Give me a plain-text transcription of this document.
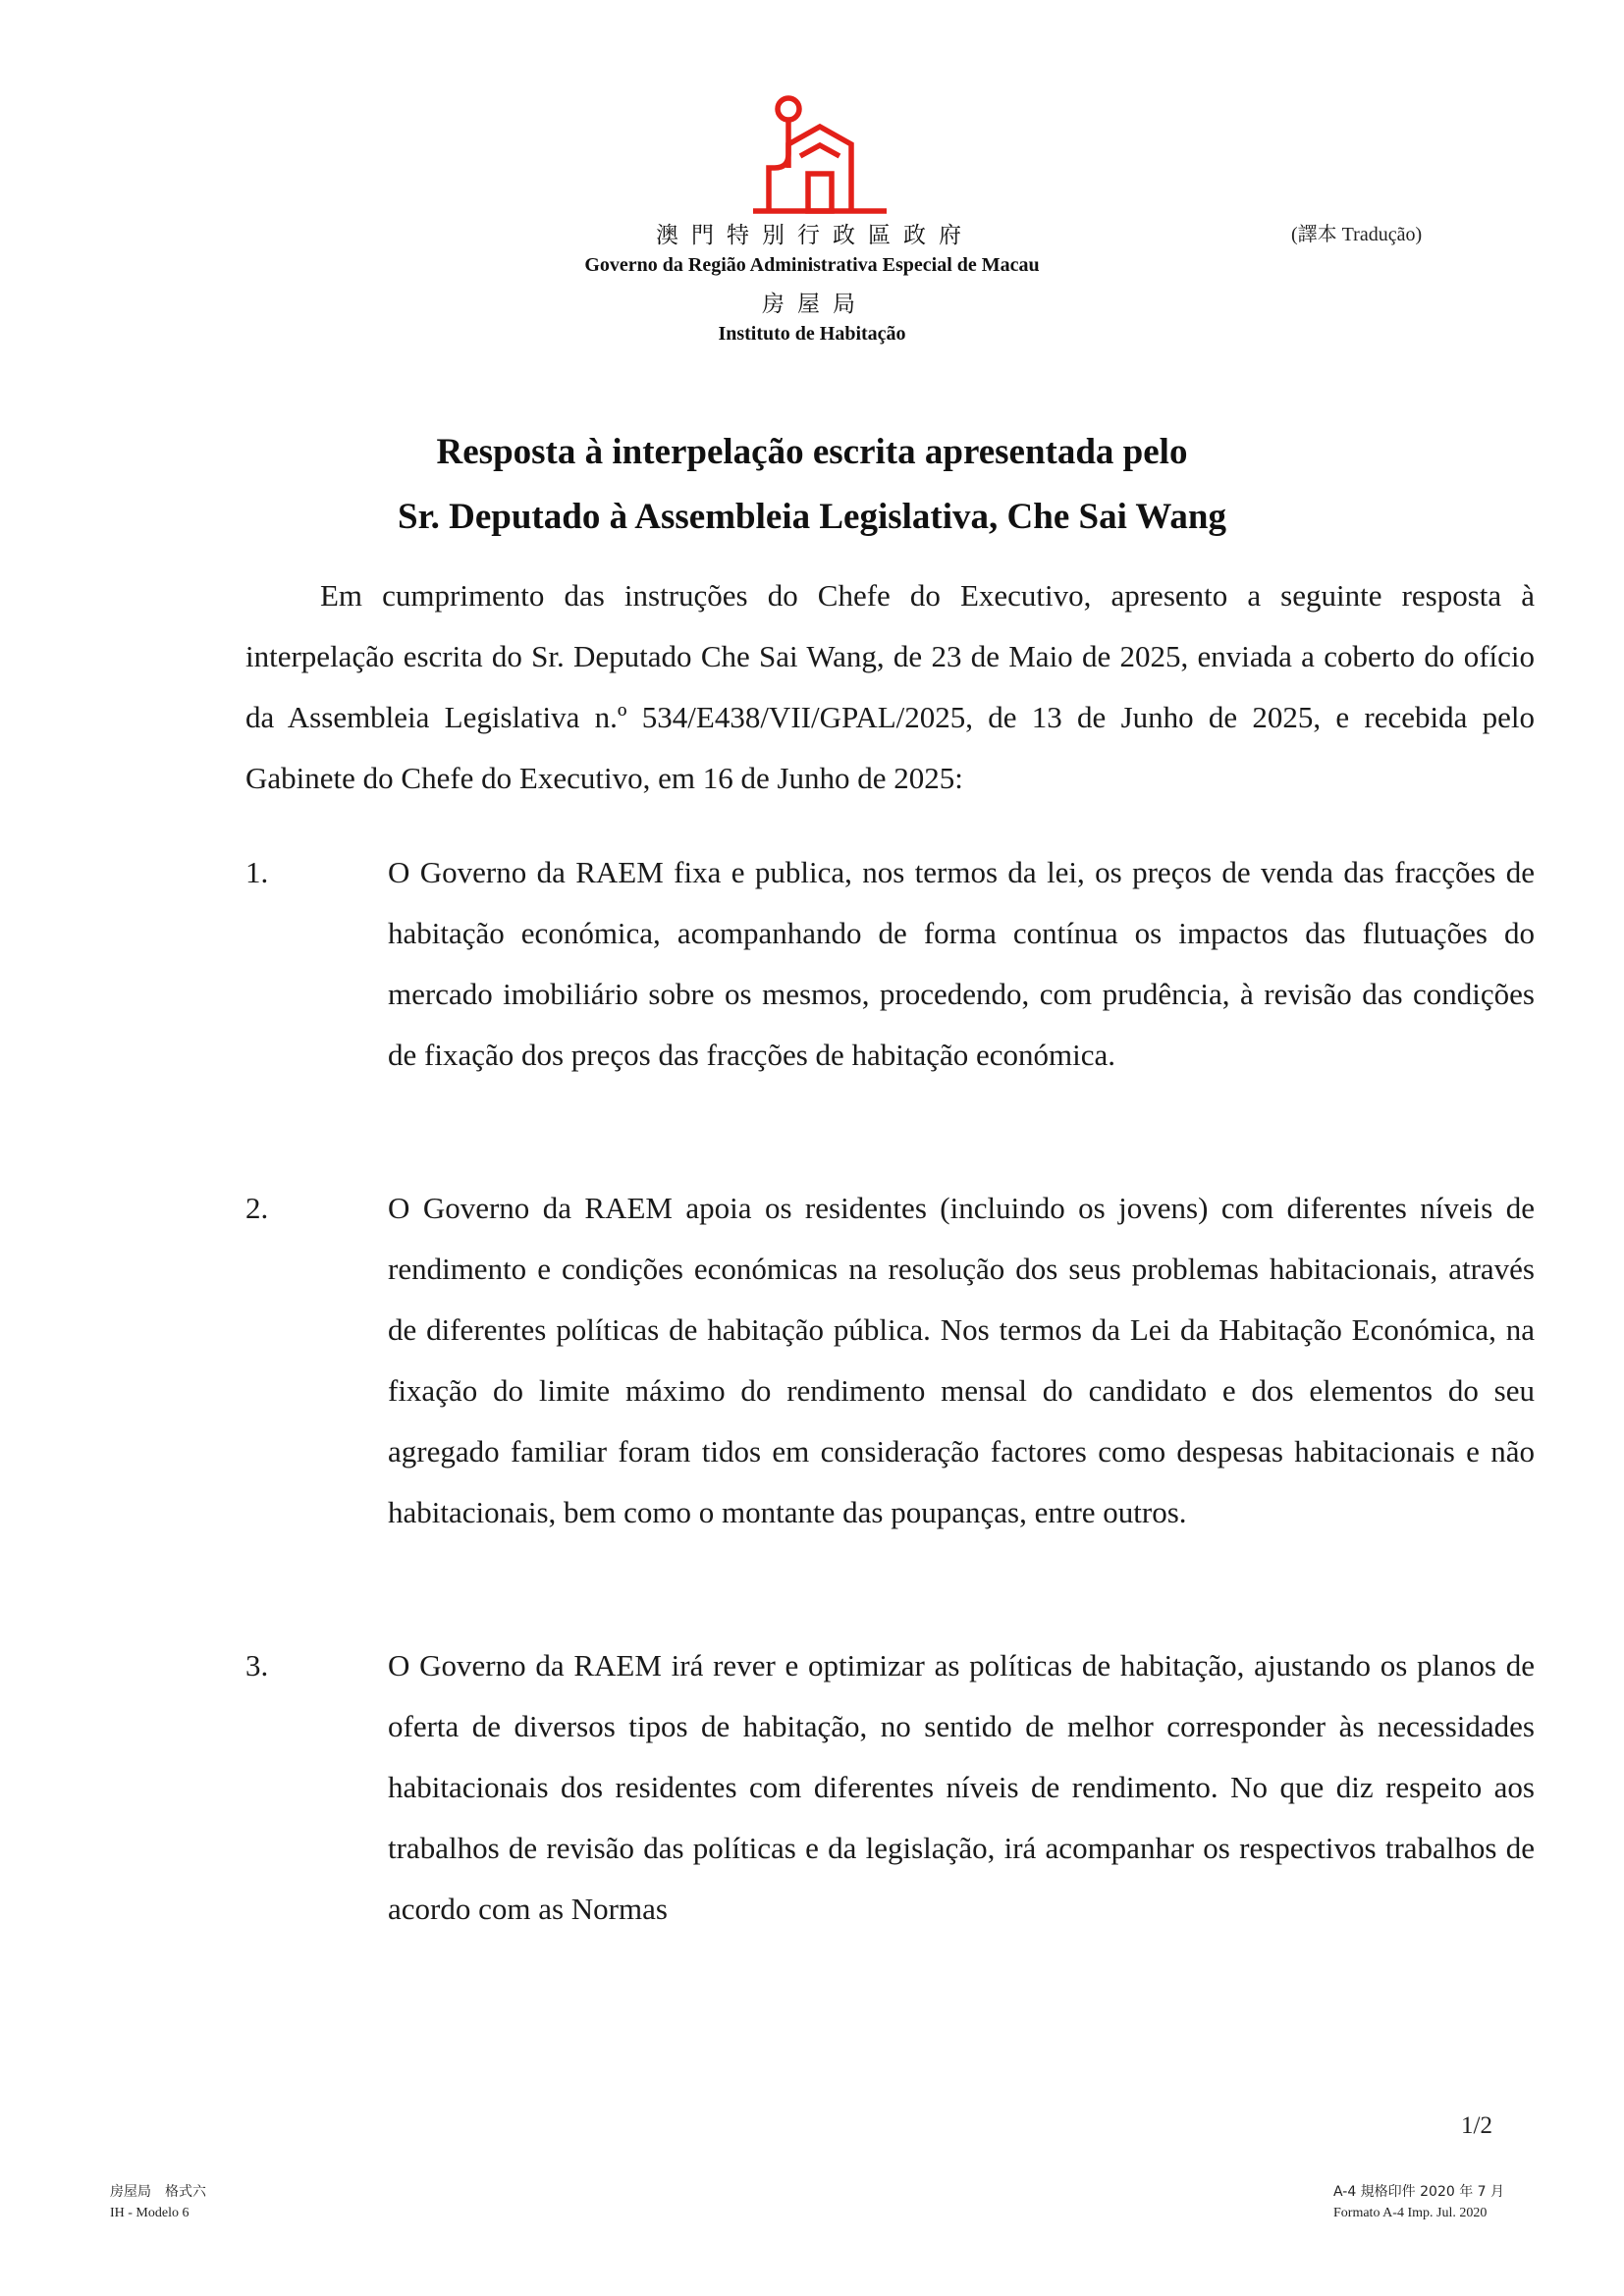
澳門特別行政區政府
Governo da Região Administrativa Especial de Macau
房屋局
Instituto de Habitação
(譯本 Tradução)
Resposta à interpelação escrita apresentada pelo
Sr. Deputado à Assembleia Legislativa, Che Sai Wang
Em cumprimento das instruções do Chefe do Executivo, apresento a seguinte resposta à interpelação escrita do Sr. Deputado Che Sai Wang, de 23 de Maio de 2025, enviada a coberto do ofício da Assembleia Legislativa n.º 534/E438/VII/GPAL/2025, de 13 de Junho de 2025, e recebida pelo Gabinete do Chefe do Executivo, em 16 de Junho de 2025:
1.	O Governo da RAEM fixa e publica, nos termos da lei, os preços de venda das fracções de habitação económica, acompanhando de forma contínua os impactos das flutuações do mercado imobiliário sobre os mesmos, procedendo, com prudência, à revisão das condições de fixação dos preços das fracções de habitação económica.
2.	O Governo da RAEM apoia os residentes (incluindo os jovens) com diferentes níveis de rendimento e condições económicas na resolução dos seus problemas habitacionais, através de diferentes políticas de habitação pública. Nos termos da Lei da Habitação Económica, na fixação do limite máximo do rendimento mensal do candidato e dos elementos do seu agregado familiar foram tidos em consideração factores como despesas habitacionais e não habitacionais, bem como o montante das poupanças, entre outros.
3.	O Governo da RAEM irá rever e optimizar as políticas de habitação, ajustando os planos de oferta de diversos tipos de habitação, no sentido de melhor corresponder às necessidades habitacionais dos residentes com diferentes níveis de rendimento. No que diz respeito aos trabalhos de revisão das políticas e da legislação, irá acompanhar os respectivos trabalhos de acordo com as Normas
1/2
房屋局　格式六
IH - Modelo 6
A-4 規格印件 2020 年 7 月
Formato A-4 Imp. Jul. 2020
